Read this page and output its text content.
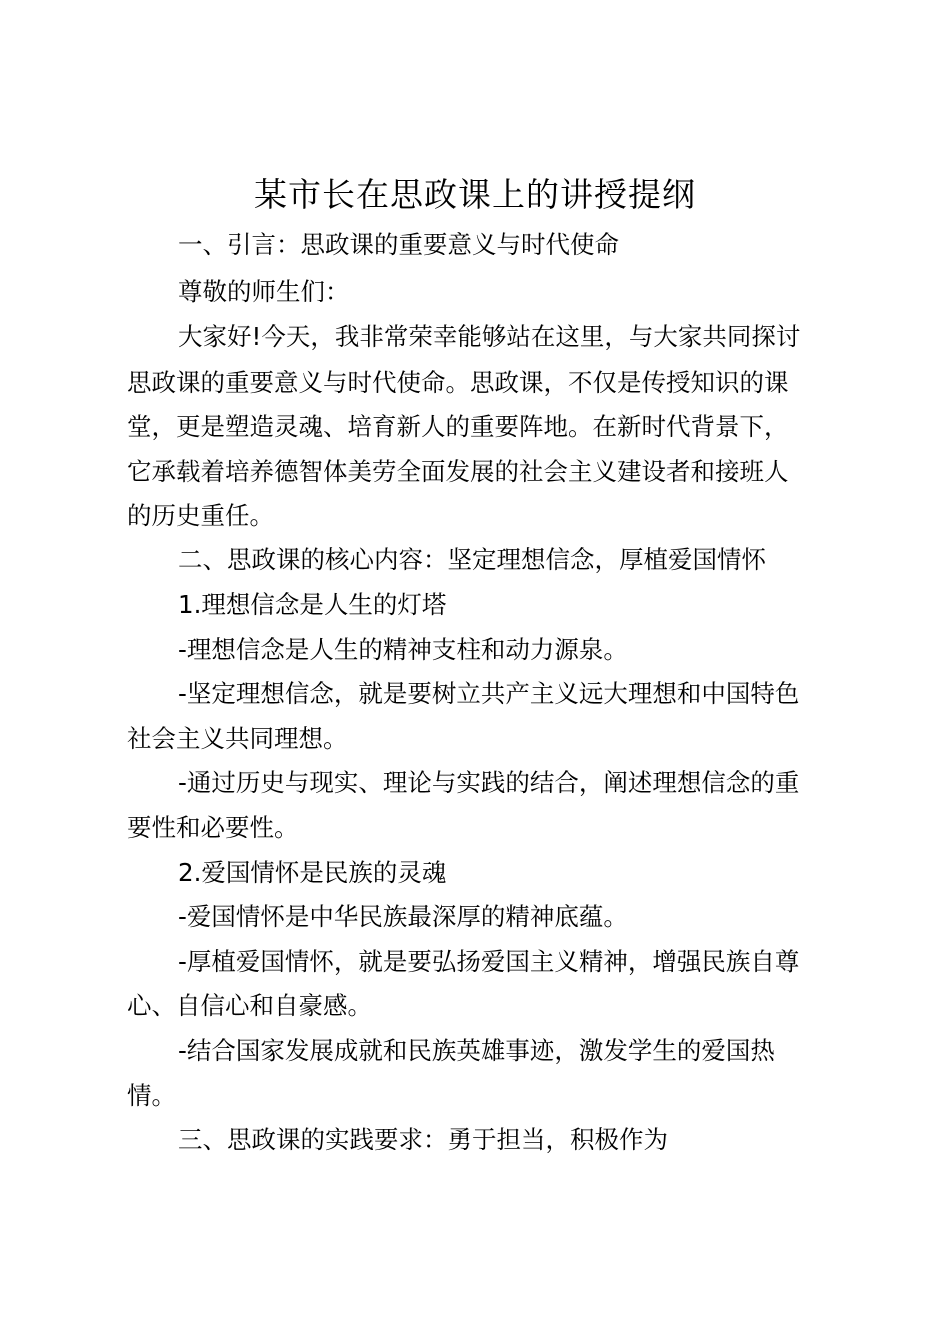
某市长在思政课上的讲授提纲
一、引言：思政课的重要意义与时代使命
尊敬的师生们：
大家好!今天，我非常荣幸能够站在这里，与大家共同探讨
思政课的重要意义与时代使命。思政课，不仅是传授知识的课
堂，更是塑造灵魂、培育新人的重要阵地。在新时代背景下，
它承载着培养德智体美劳全面发展的社会主义建设者和接班人
的历史重任。
二、思政课的核心内容：坚定理想信念，厚植爱国情怀
1.理想信念是人生的灯塔
-理想信念是人生的精神支柱和动力源泉。
-坚定理想信念，就是要树立共产主义远大理想和中国特色
社会主义共同理想。
-通过历史与现实、理论与实践的结合，阐述理想信念的重
要性和必要性。
2.爱国情怀是民族的灵魂
-爱国情怀是中华民族最深厚的精神底蕴。
-厚植爱国情怀，就是要弘扬爱国主义精神，增强民族自尊
心、自信心和自豪感。
-结合国家发展成就和民族英雄事迹，激发学生的爱国热
情。
三、思政课的实践要求：勇于担当，积极作为
